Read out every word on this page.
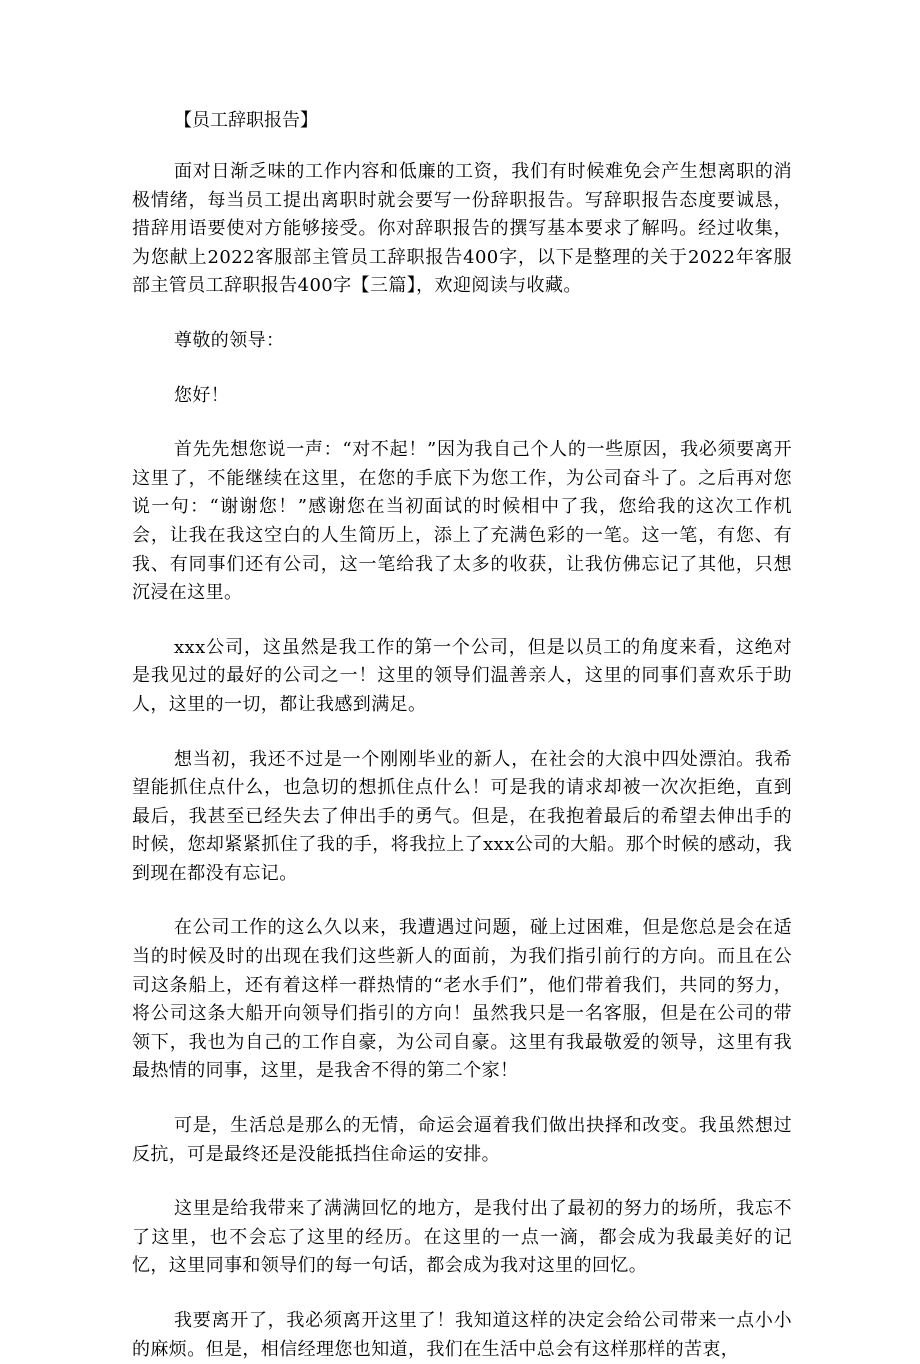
【员工辞职报告】

面对日渐乏味的工作内容和低廉的工资，我们有时候难免会产生想离职的消极情绪，每当员工提出离职时就会要写一份辞职报告。写辞职报告态度要诚恳，措辞用语要使对方能够接受。你对辞职报告的撰写基本要求了解吗。经过收集，为您献上2022客服部主管员工辞职报告400字，以下是整理的关于2022年客服部主管员工辞职报告400字【三篇】，欢迎阅读与收藏。

尊敬的领导：

您好！

首先先想您说一声：“对不起！”因为我自己个人的一些原因，我必须要离开这里了，不能继续在这里，在您的手底下为您工作，为公司奋斗了。之后再对您说一句：“谢谢您！”感谢您在当初面试的时候相中了我，您给我的这次工作机会，让我在我这空白的人生简历上，添上了充满色彩的一笔。这一笔，有您、有我、有同事们还有公司，这一笔给我了太多的收获，让我仿佛忘记了其他，只想沉浸在这里。

xxx公司，这虽然是我工作的第一个公司，但是以员工的角度来看，这绝对是我见过的最好的公司之一！这里的领导们温善亲人，这里的同事们喜欢乐于助人，这里的一切，都让我感到满足。

想当初，我还不过是一个刚刚毕业的新人，在社会的大浪中四处漂泊。我希望能抓住点什么，也急切的想抓住点什么！可是我的请求却被一次次拒绝，直到最后，我甚至已经失去了伸出手的勇气。但是，在我抱着最后的希望去伸出手的时候，您却紧紧抓住了我的手，将我拉上了xxx公司的大船。那个时候的感动，我到现在都没有忘记。

在公司工作的这么久以来，我遭遇过问题，碰上过困难，但是您总是会在适当的时候及时的出现在我们这些新人的面前，为我们指引前行的方向。而且在公司这条船上，还有着这样一群热情的“老水手们”，他们带着我们，共同的努力，将公司这条大船开向领导们指引的方向！虽然我只是一名客服，但是在公司的带领下，我也为自己的工作自豪，为公司自豪。这里有我最敬爱的领导，这里有我最热情的同事，这里，是我舍不得的第二个家！

可是，生活总是那么的无情，命运会逼着我们做出抉择和改变。我虽然想过反抗，可是最终还是没能抵挡住命运的安排。

这里是给我带来了满满回忆的地方，是我付出了最初的努力的场所，我忘不了这里，也不会忘了这里的经历。在这里的一点一滴，都会成为我最美好的记忆，这里同事和领导们的每一句话，都会成为我对这里的回忆。

我要离开了，我必须离开这里了！我知道这样的决定会给公司带来一点小小的麻烦。但是，相信经理您也知道，我们在生活中总会有这样那样的苦衷，
